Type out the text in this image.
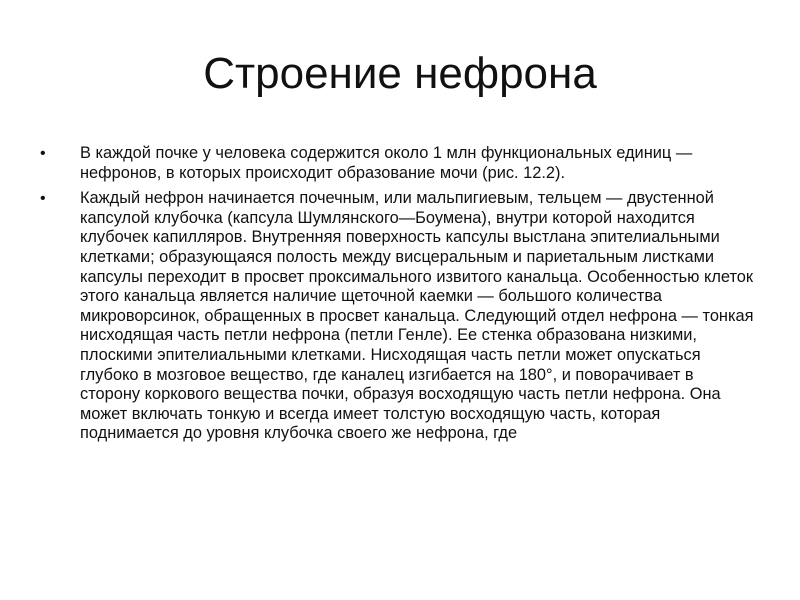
Строение нефрона
•	В каждой почке у человека содержится около 1 млн функциональных единиц — нефронов, в которых происходит образование мочи (рис. 12.2).
•	Каждый нефрон начинается почечным, или мальпигиевым, тельцем — двустенной капсулой клубочка (капсула Шумлянского—Боумена), внутри которой находится клубочек капилляров. Внутренняя поверхность капсулы выстлана эпителиальными клетками; образующаяся полость между висцеральным и париетальным листками капсулы переходит в просвет проксимального извитого канальца. Особенностью клеток этого канальца является наличие щеточной каемки — большого количества микроворсинок, обращенных в просвет канальца. Следующий отдел нефрона — тонкая нисходящая часть петли нефрона (петли Генле). Ее стенка образована низкими, плоскими эпителиальными клетками. Нисходящая часть петли может опускаться глубоко в мозговое вещество, где каналец изгибается на 180°, и поворачивает в сторону коркового вещества почки, образуя восходящую часть петли нефрона. Она может включать тонкую и всегда имеет толстую восходящую часть, которая поднимается до уровня клубочка своего же нефрона, где
